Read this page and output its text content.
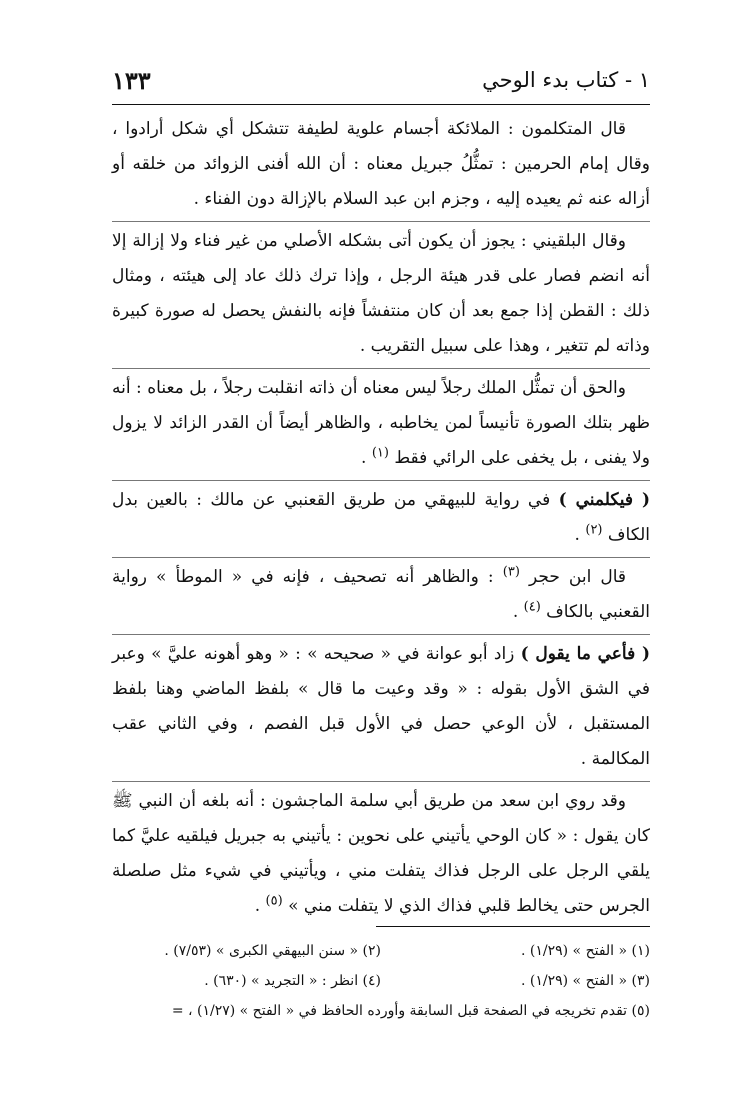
١ - كتاب بدء الوحي
١٣٣

قال المتكلمون : الملائكة أجسام علوية لطيفة تتشكل أي شكل أرادوا ، وقال إمام الحرمين : تمثُّلُ جبريل معناه : أن الله أفنى الزوائد من خلقه أو أزاله عنه ثم يعيده إليه ، وجزم ابن عبد السلام بالإزالة دون الفناء .

وقال البلقيني : يجوز أن يكون أتى بشكله الأصلي من غير فناء ولا إزالة إلا أنه انضم فصار على قدر هيئة الرجل ، وإذا ترك ذلك عاد إلى هيئته ، ومثال ذلك : القطن إذا جمع بعد أن كان منتفشاً فإنه بالنفش يحصل له صورة كبيرة وذاته لم تتغير ، وهذا على سبيل التقريب .

والحق أن تمثُّل الملك رجلاً ليس معناه أن ذاته انقلبت رجلاً ، بل معناه : أنه ظهر بتلك الصورة تأنيساً لمن يخاطبه ، والظاهر أيضاً أن القدر الزائد لا يزول ولا يفنى ، بل يخفى على الرائي فقط $^{(١)}$ .

( فيكلمني ) في رواية للبيهقي من طريق القعنبي عن مالك : بالعين بدل الكاف $^{(٢)}$ .

قال ابن حجر $^{(٣)}$ : والظاهر أنه تصحيف ، فإنه في « الموطأ » رواية القعنبي بالكاف $^{(٤)}$ .

( فأعي ما يقول ) زاد أبو عوانة في « صحيحه » : « وهو أهونه عليَّ » وعبر في الشق الأول بقوله : « وقد وعيت ما قال » بلفظ الماضي وهنا بلفظ المستقبل ، لأن الوعي حصل في الأول قبل الفصم ، وفي الثاني عقب المكالمة .

وقد روي ابن سعد من طريق أبي سلمة الماجشون : أنه بلغه أن النبي ﷺ كان يقول : « كان الوحي يأتيني على نحوين : يأتيني به جبريل فيلقيه عليَّ كما يلقي الرجل على الرجل فذاك يتفلت مني ، ويأتيني في شيء مثل صلصلة الجرس حتى يخالط قلبي فذاك الذي لا يتفلت مني » $^{(٥)}$ .

(١) « الفتح » (١/٢٩) .
(٢) « سنن البيهقي الكبرى » (٧/٥٣) .
(٣) « الفتح » (١/٢٩) .
(٤) انظر : « التجريد » (٦٣٠) .
(٥) تقدم تخريجه في الصفحة قبل السابقة وأورده الحافظ في « الفتح » (١/٢٧) ، =
